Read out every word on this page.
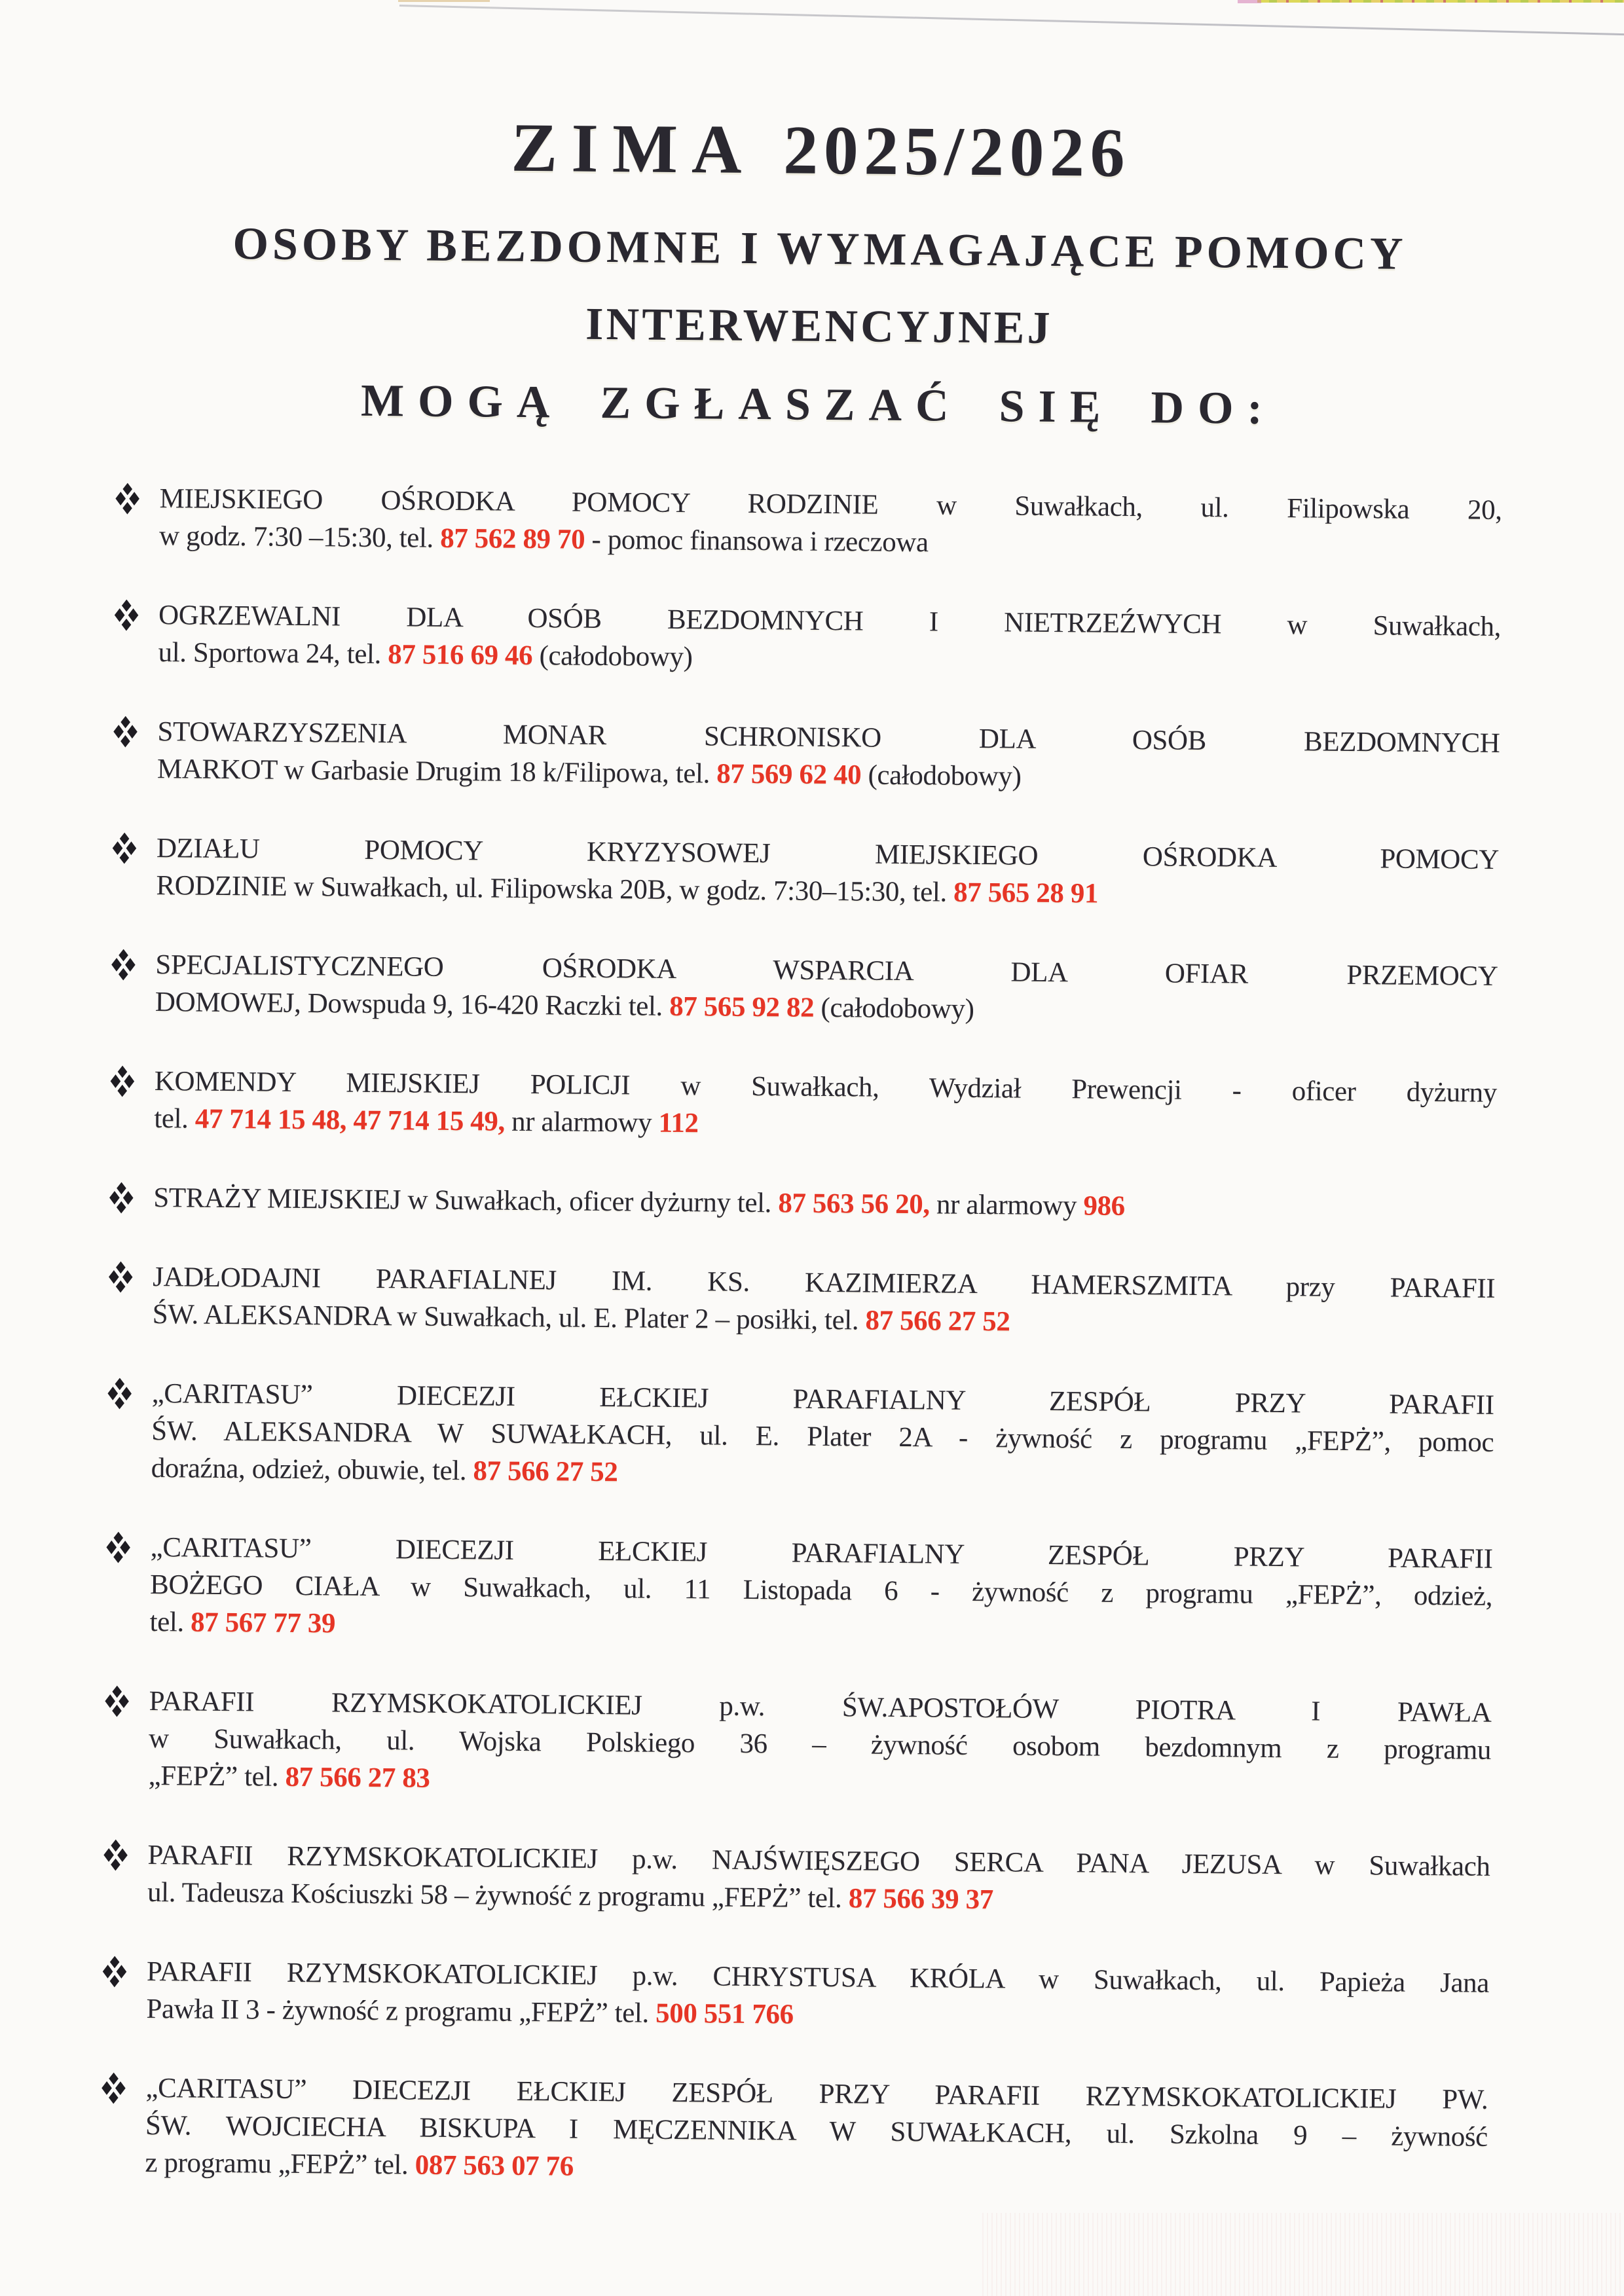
ZIMA 2025/2026
OSOBY BEZDOMNE I WYMAGAJĄCE POMOCY
INTERWENCYJNEJ
MOGĄ ZGŁASZAĆ SIĘ DO:
MIEJSKIEGO OŚRODKA POMOCY RODZINIE w Suwałkach, ul. Filipowska 20,
w godz. 7:30 –15:30, tel. 87 562 89 70 - pomoc finansowa i rzeczowa
OGRZEWALNI DLA OSÓB BEZDOMNYCH I NIETRZEŹWYCH w Suwałkach,
ul. Sportowa 24, tel. 87 516 69 46 (całodobowy)
STOWARZYSZENIA MONAR SCHRONISKO DLA OSÓB BEZDOMNYCH
MARKOT w Garbasie Drugim 18 k/Filipowa, tel. 87 569 62 40 (całodobowy)
DZIAŁU POMOCY KRYZYSOWEJ MIEJSKIEGO OŚRODKA POMOCY
RODZINIE w Suwałkach, ul. Filipowska 20B, w godz. 7:30–15:30, tel. 87 565 28 91
SPECJALISTYCZNEGO OŚRODKA WSPARCIA DLA OFIAR PRZEMOCY
DOMOWEJ, Dowspuda 9, 16-420 Raczki tel. 87 565 92 82 (całodobowy)
KOMENDY MIEJSKIEJ POLICJI w Suwałkach, Wydział Prewencji - oficer dyżurny
tel. 47 714 15 48, 47 714 15 49, nr alarmowy 112
STRAŻY MIEJSKIEJ w Suwałkach, oficer dyżurny tel. 87 563 56 20, nr alarmowy 986
JADŁODAJNI PARAFIALNEJ IM. KS. KAZIMIERZA HAMERSZMITA przy PARAFII
ŚW. ALEKSANDRA w Suwałkach, ul. E. Plater 2 – posiłki, tel. 87 566 27 52
„CARITASU” DIECEZJI EŁCKIEJ PARAFIALNY ZESPÓŁ PRZY PARAFII
ŚW. ALEKSANDRA W SUWAŁKACH, ul. E. Plater 2A - żywność z programu „FEPŻ”, pomoc
doraźna, odzież, obuwie, tel. 87 566 27 52
„CARITASU” DIECEZJI EŁCKIEJ PARAFIALNY ZESPÓŁ PRZY PARAFII
BOŻEGO CIAŁA w Suwałkach, ul. 11 Listopada 6 - żywność z programu „FEPŻ”, odzież,
tel. 87 567 77 39
PARAFII RZYMSKOKATOLICKIEJ p.w. ŚW.APOSTOŁÓW PIOTRA I PAWŁA
w Suwałkach, ul. Wojska Polskiego 36 – żywność osobom bezdomnym z programu
„FEPŻ” tel. 87 566 27 83
PARAFII RZYMSKOKATOLICKIEJ p.w. NAJŚWIĘSZEGO SERCA PANA JEZUSA w Suwałkach
ul. Tadeusza Kościuszki 58 – żywność z programu „FEPŻ” tel. 87 566 39 37
PARAFII RZYMSKOKATOLICKIEJ p.w. CHRYSTUSA KRÓLA w Suwałkach, ul. Papieża Jana
Pawła II 3 - żywność z programu „FEPŻ” tel. 500 551 766
„CARITASU” DIECEZJI EŁCKIEJ ZESPÓŁ PRZY PARAFII RZYMSKOKATOLICKIEJ PW.
ŚW. WOJCIECHA BISKUPA I MĘCZENNIKA W SUWAŁKACH, ul. Szkolna 9 – żywność
z programu „FEPŻ” tel. 087 563 07 76
